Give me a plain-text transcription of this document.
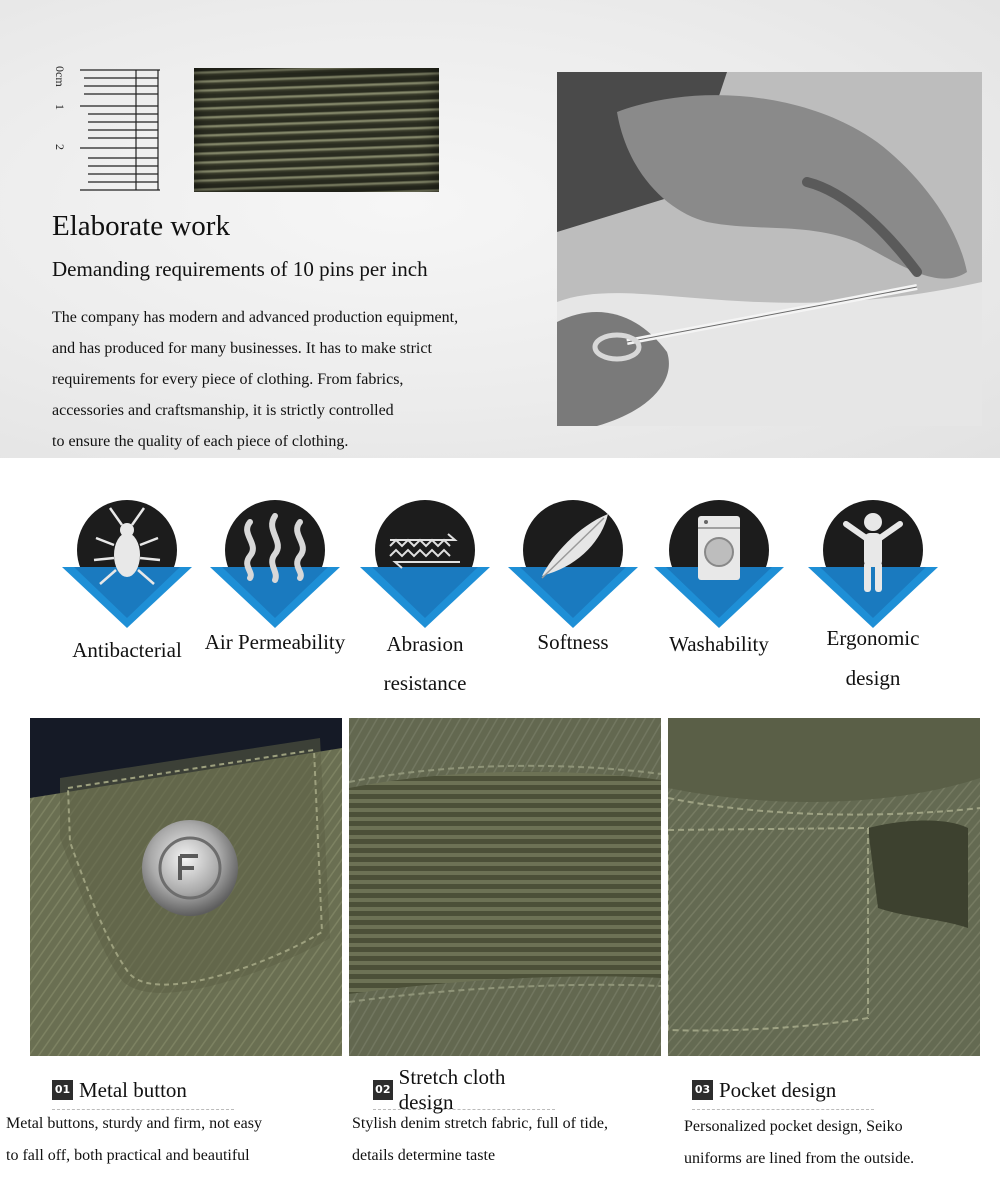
0cm
1
2
Elaborate work
Demanding requirements of 10 pins per inch
The company has modern and advanced production equipment,
and has produced for many businesses. It has to make strict
requirements for every piece of clothing. From fabrics,
accessories and craftsmanship, it is strictly controlled
to ensure the quality of each piece of clothing.
Antibacterial	Air Permeability	Abrasion
resistance
Softness	Washability	Ergonomic
design
01 Metal button
Metal buttons, sturdy and firm, not easy
to fall off, both practical and beautiful
02
Stretch cloth design
Stylish denim stretch fabric, full of tide,
details determine taste
03 Pocket design
Personalized pocket design, Seiko
uniforms are lined from the outside.
